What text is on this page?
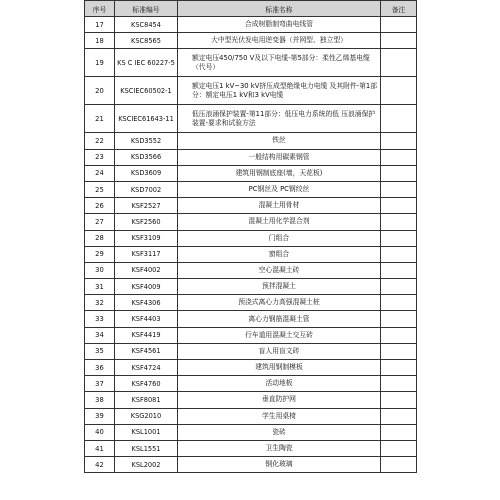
序号	标准编号	标准名称	备注
17	KSC8454	合成树脂制弯曲电线管	
18	KSC8565	大中型光伏发电用逆变器（并网型、独立型）	
19	KS C IEC 60227-5	额定电压450/750 V及以下电缆-第5部分：柔性乙烯基电缆（代号）	
20	KSCIEC60502-1	额定电压1 kV~30 kV挤压成型绝缘电力电缆 及其附件-第1部分：额定电压1 kV和3 kV电缆	
21	KSCIEC61643-11	低压浪涌保护装置-第11部分：低压电力系统的低 压浪涌保护装置-要求和试验方法	
22	KSD3552	铁丝	
23	KSD3566	一般结构用碳素钢管	
24	KSD3609	建筑用钢制底座(墙，天花板)	
25	KSD7002	PC钢丝及 PC钢绞丝	
26	KSF2527	混凝土用骨材	
27	KSF2560	混凝土用化学混合剂	
28	KSF3109	门组合	
29	KSF3117	窗组合	
30	KSF4002	空心混凝土砖	
31	KSF4009	预拌混凝土	
32	KSF4306	预浇式离心力高强混凝土桩	
33	KSF4403	离心力钢筋混凝土管	
34	KSF4419	行车道用混凝土交互砖	
35	KSF4561	盲人用盲文砖	
36	KSF4724	建筑用钢制模板	
37	KSF4760	活动地板	
38	KSF8081	垂直防护网	
39	KSG2010	学生用桌椅	
40	KSL1001	瓷砖	
41	KSL1551	卫生陶瓷	
42	KSL2002	钢化玻璃	
